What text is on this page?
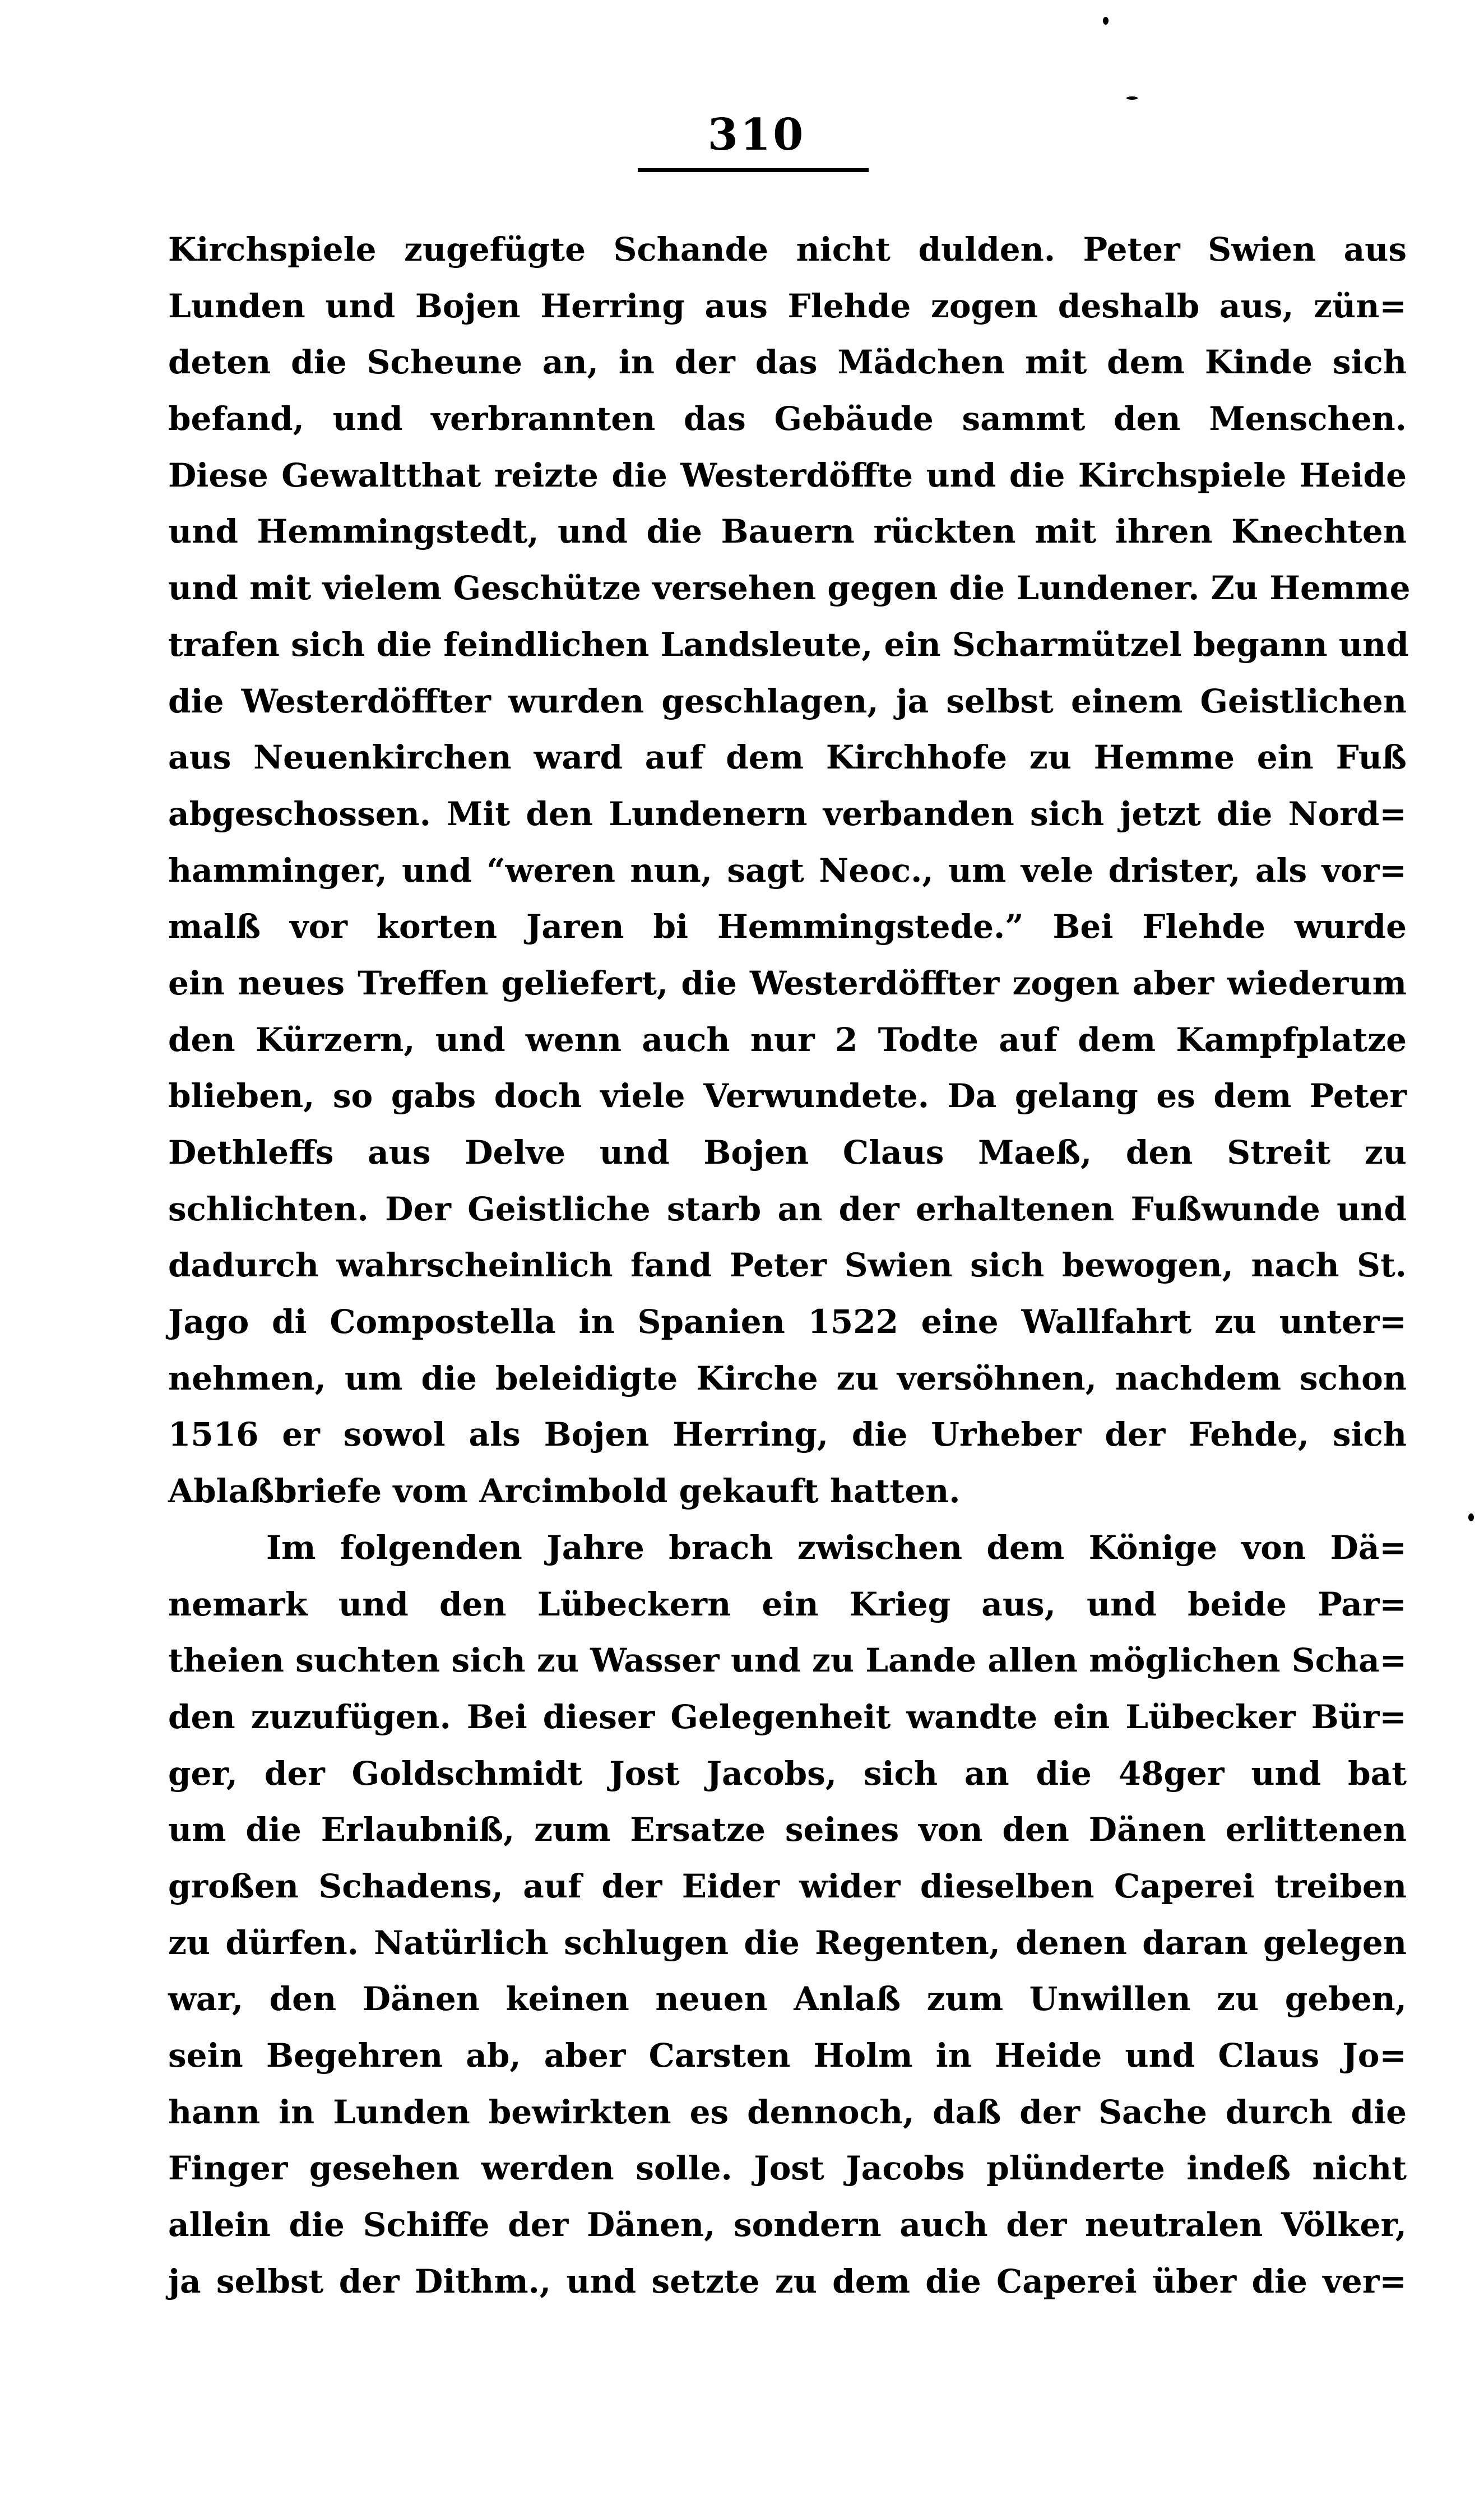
310
Kirchspiele zugefügte Schande nicht dulden. Peter Swien aus
Lunden und Bojen Herring aus Flehde zogen deshalb aus, zün=
deten die Scheune an, in der das Mädchen mit dem Kinde sich
befand, und verbrannten das Gebäude sammt den Menschen.
Diese Gewaltthat reizte die Westerdöffte und die Kirchspiele Heide
und Hemmingstedt, und die Bauern rückten mit ihren Knechten
und mit vielem Geschütze versehen gegen die Lundener. Zu Hemme
trafen sich die feindlichen Landsleute, ein Scharmützel begann und
die Westerdöffter wurden geschlagen, ja selbst einem Geistlichen
aus Neuenkirchen ward auf dem Kirchhofe zu Hemme ein Fuß
abgeschossen. Mit den Lundenern verbanden sich jetzt die Nord=
hamminger, und “weren nun, sagt Neoc., um vele drister, als vor=
malß vor korten Jaren bi Hemmingstede.” Bei Flehde wurde
ein neues Treffen geliefert, die Westerdöffter zogen aber wiederum
den Kürzern, und wenn auch nur 2 Todte auf dem Kampfplatze
blieben, so gabs doch viele Verwundete. Da gelang es dem Peter
Dethleffs aus Delve und Bojen Claus Maeß, den Streit zu
schlichten. Der Geistliche starb an der erhaltenen Fußwunde und
dadurch wahrscheinlich fand Peter Swien sich bewogen, nach St.
Jago di Compostella in Spanien 1522 eine Wallfahrt zu unter=
nehmen, um die beleidigte Kirche zu versöhnen, nachdem schon
1516 er sowol als Bojen Herring, die Urheber der Fehde, sich
Ablaßbriefe vom Arcimbold gekauft hatten.
Im folgenden Jahre brach zwischen dem Könige von Dä=
nemark und den Lübeckern ein Krieg aus, und beide Par=
theien suchten sich zu Wasser und zu Lande allen möglichen Scha=
den zuzufügen. Bei dieser Gelegenheit wandte ein Lübecker Bür=
ger, der Goldschmidt Jost Jacobs, sich an die 48ger und bat
um die Erlaubniß, zum Ersatze seines von den Dänen erlittenen
großen Schadens, auf der Eider wider dieselben Caperei treiben
zu dürfen. Natürlich schlugen die Regenten, denen daran gelegen
war, den Dänen keinen neuen Anlaß zum Unwillen zu geben,
sein Begehren ab, aber Carsten Holm in Heide und Claus Jo=
hann in Lunden bewirkten es dennoch, daß der Sache durch die
Finger gesehen werden solle. Jost Jacobs plünderte indeß nicht
allein die Schiffe der Dänen, sondern auch der neutralen Völker,
ja selbst der Dithm., und setzte zu dem die Caperei über die ver=
